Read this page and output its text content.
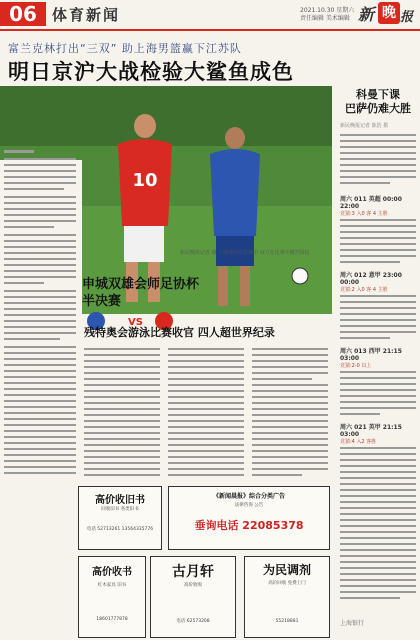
06	体育新闻	2021.10.30 星期六
责任编辑 美术编辑 新 晚 报
富兰克林打出“三双” 助上海男篮赢下江苏队
明日京沪大战检验大鲨鱼成色
10
新民晚报记者 摄 上港球员在比赛中 双方在比赛中激烈拼抢
申城双雄会师足协杯半决赛
VS
残特奥会游泳比赛收官 四人超世界纪录
科曼下课
巴萨仍难大胜
新民晚报记者 陈浩 摄
周六 011 英超 00:00 22:00
竞猜:3 入0 客 4 主胜
周六 012 意甲 23:00 00:00
竞猜:2 入0 客 4 主胜
周六 013 西甲 21:15 03:00
竞猜:2-0 以上
周六 021 英甲 21:15 03:00
竞猜:4 入2 客胜
高价收旧书
回收旧书 各类旧书
电话 52713261 13564335776
《新闻晨报》综合分类广告
法律咨询 公告
垂询电话 22085378
高价收书
红木家具 旧书
18601777878
古月轩
高价收购
电话 62573208
为民调剂
高价回收 免费上门
55218881	上海银行
